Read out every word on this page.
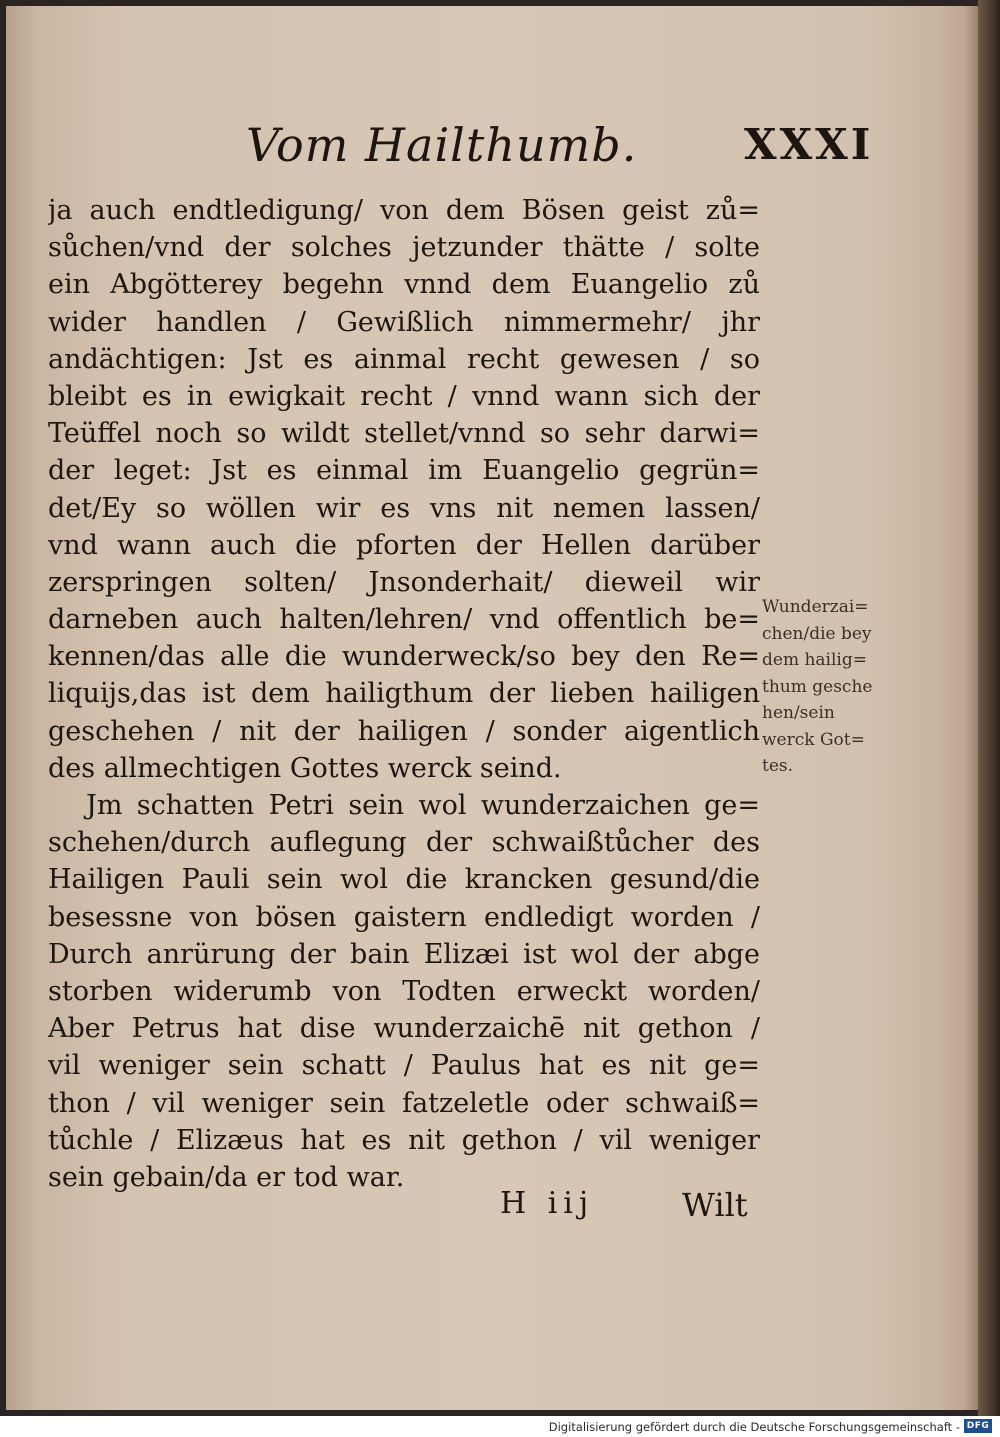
Vom Hailthumb.	XXXI
ja auch endtledigung/ von dem Bösen geist zů=
sůchen/vnd der solches jetzunder thätte / solte
ein Abgötterey begehn vnnd dem Euangelio zů
wider handlen / Gewißlich nimmermehr/ jhr
andächtigen: Jst es ainmal recht gewesen / so
bleibt es in ewigkait recht / vnnd wann sich der
Teüffel noch so wildt stellet/vnnd so sehr darwi=
der leget: Jst es einmal im Euangelio gegrün=
det/Ey so wöllen wir es vns nit nemen lassen/
vnd wann auch die pforten der Hellen darüber
zerspringen solten/ Jnsonderhait/ dieweil wir
darneben auch halten/lehren/ vnd offentlich be=
kennen/das alle die wunderweck/so bey den Re=
liquijs,das ist dem hailigthum der lieben hailigen
geschehen / nit der hailigen / sonder aigentlich
des allmechtigen Gottes werck seind.
Jm schatten Petri sein wol wunderzaichen ge=
schehen/durch auflegung der schwaißtůcher des
Hailigen Pauli sein wol die krancken gesund/die
besessne von bösen gaistern endledigt worden /
Durch anrürung der bain Elizæi ist wol der abge
storben widerumb von Todten erweckt worden/
Aber Petrus hat dise wunderzaichē nit gethon /
vil weniger sein schatt / Paulus hat es nit ge=
thon / vil weniger sein fatzeletle oder schwaiß=
tůchle / Elizæus hat es nit gethon / vil weniger
sein gebain/da er tod war.
Wunderzai=
chen/die bey
dem hailig=
thum gesche
hen/sein
werck Got=
tes.
H iij	Wilt
Digitalisierung gefördert durch die Deutsche Forschungsgemeinschaft - DFG
